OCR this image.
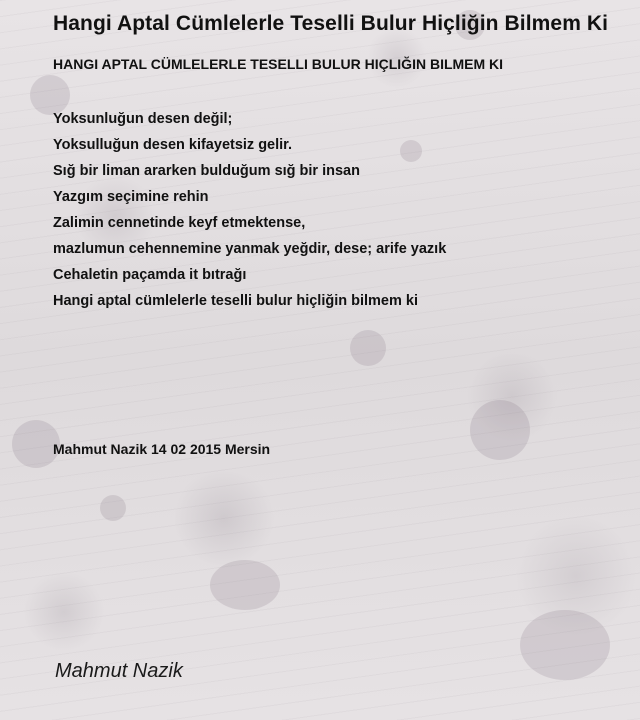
Hangi Aptal Cümlelerle Teselli Bulur Hiçliğin Bilmem Ki
HANGI APTAL CÜMLELERLE TESELLI BULUR HIÇLIĞIN BILMEM KI
Yoksunluğun desen değil;
Yoksulluğun desen kifayetsiz gelir.
Sığ bir liman ararken bulduğum sığ bir insan
Yazgım seçimine rehin
Zalimin cennetinde keyf etmektense,
mazlumun cehennemine yanmak yeğdir, dese; arife yazık
Cehaletin paçamda it bıtrağı
Hangi aptal cümlelerle teselli bulur hiçliğin bilmem ki
Mahmut Nazik 14 02 2015 Mersin
Mahmut Nazik
